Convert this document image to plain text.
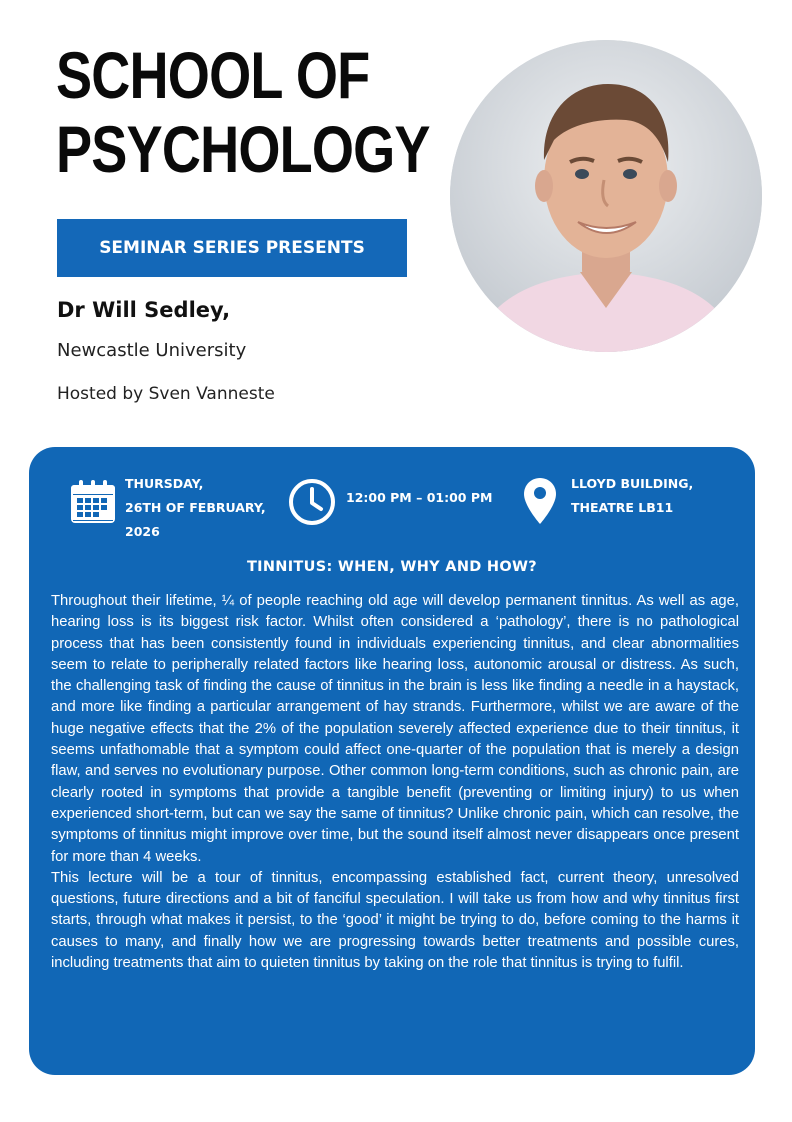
SCHOOL OF
PSYCHOLOGY
SEMINAR SERIES PRESENTS
Dr Will Sedley,
Newcastle University
Hosted by Sven Vanneste
THURSDAY,
26TH OF FEBRUARY,
2026
12:00 PM – 01:00 PM
LLOYD BUILDING,
THEATRE LB11
TINNITUS: WHEN, WHY AND HOW?

Throughout their lifetime, ¼ of people reaching old age will develop permanent tinnitus. As well as age, hearing loss is its biggest risk factor. Whilst often considered a ‘pathology’, there is no pathological process that has been consistently found in individuals experiencing tinnitus, and clear abnormalities seem to relate to peripherally related factors like hearing loss, autonomic arousal or distress. As such, the challenging task of finding the cause of tinnitus in the brain is less like finding a needle in a haystack, and more like finding a particular arrangement of hay strands. Furthermore, whilst we are aware of the huge negative effects that the 2% of the population severely affected experience due to their tinnitus, it seems unfathomable that a symptom could affect one-quarter of the population that is merely a design flaw, and serves no evolutionary purpose. Other common long-term conditions, such as chronic pain, are clearly rooted in symptoms that provide a tangible benefit (preventing or limiting injury) to us when experienced short-term, but can we say the same of tinnitus? Unlike chronic pain, which can resolve, the symptoms of tinnitus might improve over time, but the sound itself almost never disappears once present for more than 4 weeks.

This lecture will be a tour of tinnitus, encompassing established fact, current theory, unresolved questions, future directions and a bit of fanciful speculation. I will take us from how and why tinnitus first starts, through what makes it persist, to the ‘good’ it might be trying to do, before coming to the harms it causes to many, and finally how we are progressing towards better treatments and possible cures, including treatments that aim to quieten tinnitus by taking on the role that tinnitus is trying to fulfil.
